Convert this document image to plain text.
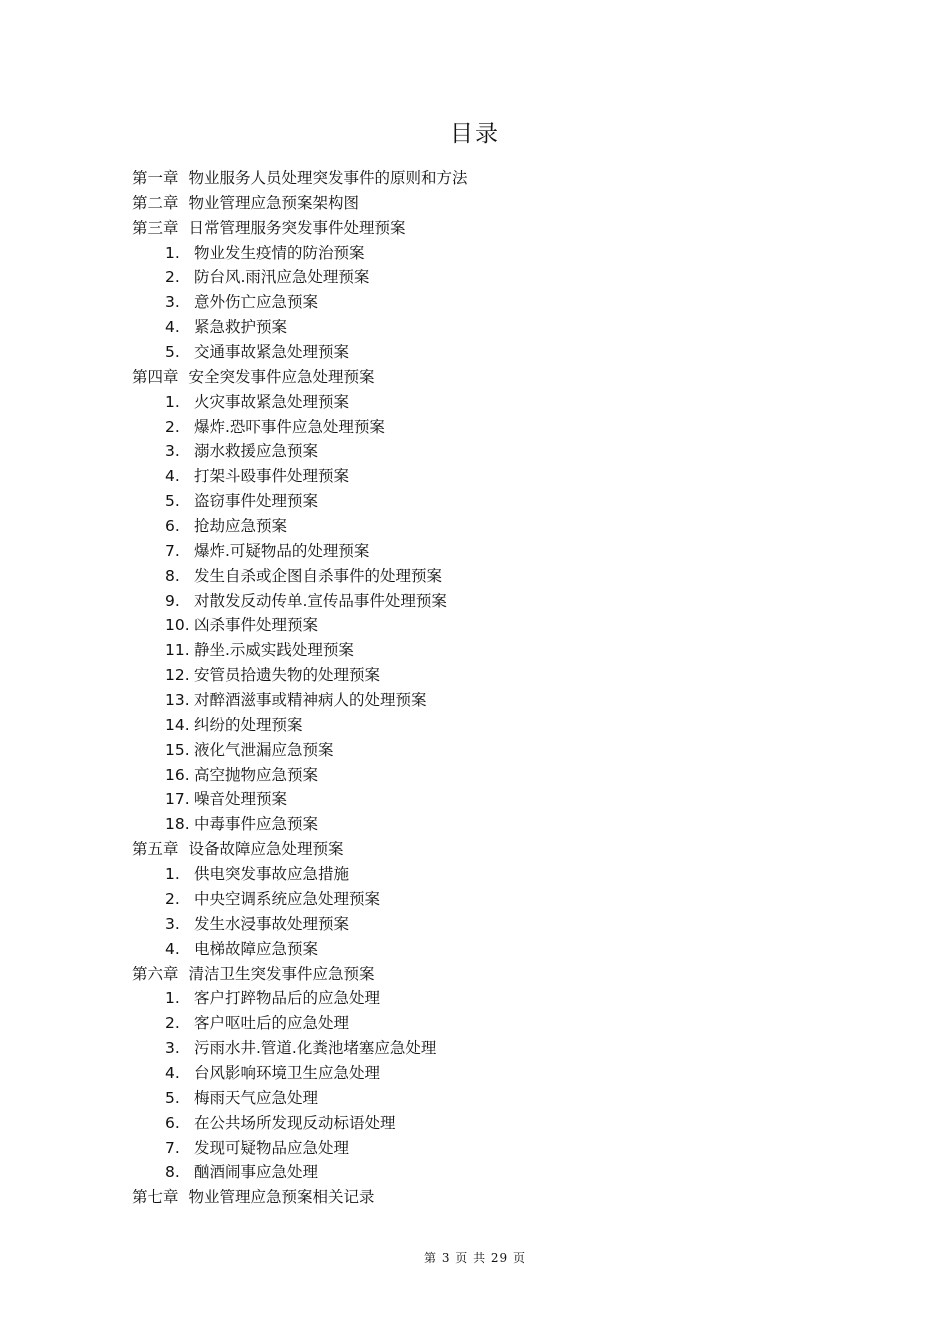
目录
第一章 物业服务人员处理突发事件的原则和方法
第二章 物业管理应急预案架构图
第三章 日常管理服务突发事件处理预案
1. 物业发生疫情的防治预案
2. 防台风.雨汛应急处理预案
3. 意外伤亡应急预案
4. 紧急救护预案
5. 交通事故紧急处理预案
第四章 安全突发事件应急处理预案
1. 火灾事故紧急处理预案
2. 爆炸.恐吓事件应急处理预案
3. 溺水救援应急预案
4. 打架斗殴事件处理预案
5. 盗窃事件处理预案
6. 抢劫应急预案
7. 爆炸.可疑物品的处理预案
8. 发生自杀或企图自杀事件的处理预案
9. 对散发反动传单.宣传品事件处理预案
10. 凶杀事件处理预案
11. 静坐.示威实践处理预案
12. 安管员拾遗失物的处理预案
13. 对醉酒滋事或精神病人的处理预案
14. 纠纷的处理预案
15. 液化气泄漏应急预案
16. 高空抛物应急预案
17. 噪音处理预案
18. 中毒事件应急预案
第五章 设备故障应急处理预案
1. 供电突发事故应急措施
2. 中央空调系统应急处理预案
3. 发生水浸事故处理预案
4. 电梯故障应急预案
第六章 清洁卫生突发事件应急预案
1. 客户打踤物品后的应急处理
2. 客户呕吐后的应急处理
3. 污雨水井.管道.化粪池堵塞应急处理
4. 台风影响环境卫生应急处理
5. 梅雨天气应急处理
6. 在公共场所发现反动标语处理
7. 发现可疑物品应急处理
8. 酗酒闹事应急处理
第七章 物业管理应急预案相关记录
第 3 页 共 29 页
